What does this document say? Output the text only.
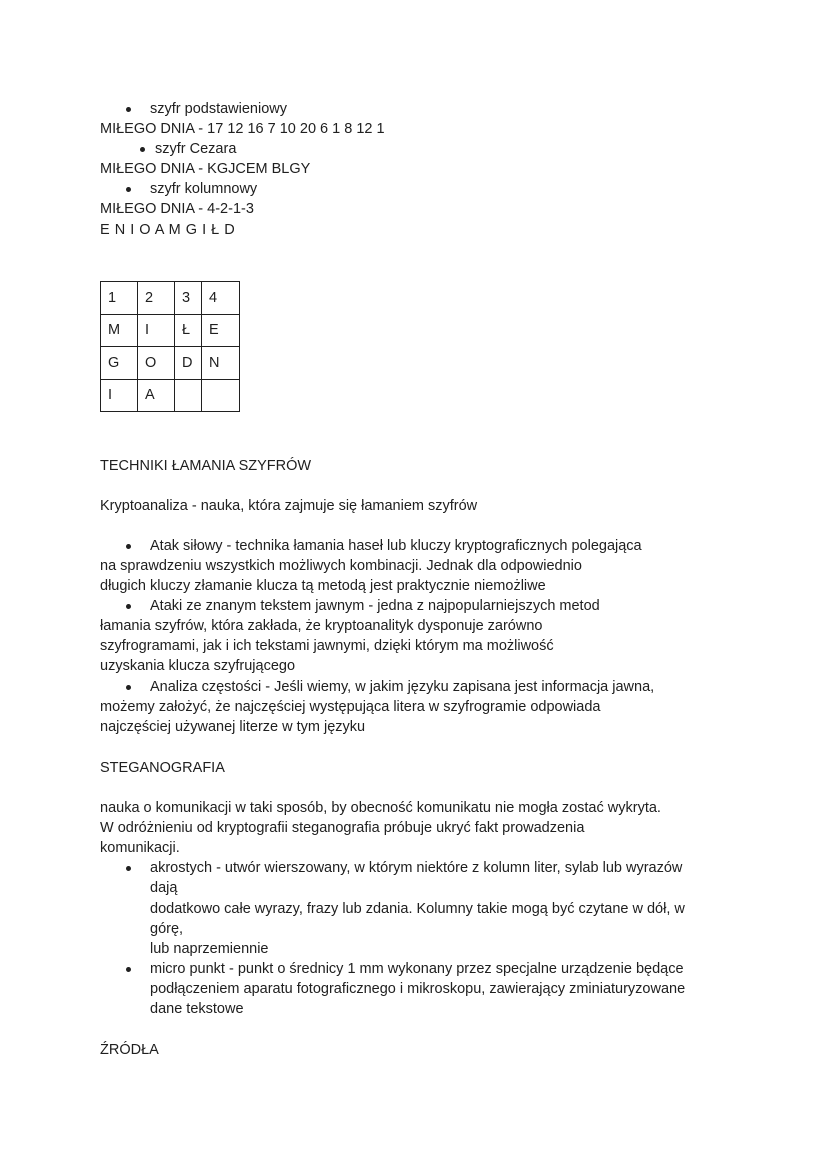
szyfr podstawieniowy
MIŁEGO DNIA - 17 12 16 7 10 20 6 1 8 12 1
szyfr Cezara
MIŁEGO DNIA - KGJCEM BLGY
szyfr kolumnowy
MIŁEGO DNIA - 4-2-1-3
E N I O A M G I Ł D
1	2	3	4
M	I	Ł	E
G	O	D	N
I	A		
TECHNIKI ŁAMANIA SZYFRÓW
Kryptoanaliza - nauka, która zajmuje się łamaniem szyfrów
Atak siłowy - technika łamania haseł lub kluczy kryptograficznych polegająca
na sprawdzeniu wszystkich możliwych kombinacji. Jednak dla odpowiednio
długich kluczy złamanie klucza tą metodą jest praktycznie niemożliwe
Ataki ze znanym tekstem jawnym - jedna z najpopularniejszych metod
łamania szyfrów, która zakłada, że kryptoanalityk dysponuje zarówno
szyfrogramami, jak i ich tekstami jawnymi, dzięki którym ma możliwość
uzyskania klucza szyfrującego
Analiza częstości - Jeśli wiemy, w jakim języku zapisana jest informacja jawna,
możemy założyć, że najczęściej występująca litera w szyfrogramie odpowiada
najczęściej używanej literze w tym języku
STEGANOGRAFIA
nauka o komunikacji w taki sposób, by obecność komunikatu nie mogła zostać wykryta.
W odróżnieniu od kryptografii steganografia próbuje ukryć fakt prowadzenia
komunikacji.
akrostych - utwór wierszowany, w którym niektóre z kolumn liter, sylab lub wyrazów
dają
dodatkowo całe wyrazy, frazy lub zdania. Kolumny takie mogą być czytane w dół, w
górę,
lub naprzemiennie
micro punkt - punkt o średnicy 1 mm wykonany przez specjalne urządzenie będące
podłączeniem aparatu fotograficznego i mikroskopu, zawierający zminiaturyzowane
dane tekstowe
ŹRÓDŁA
